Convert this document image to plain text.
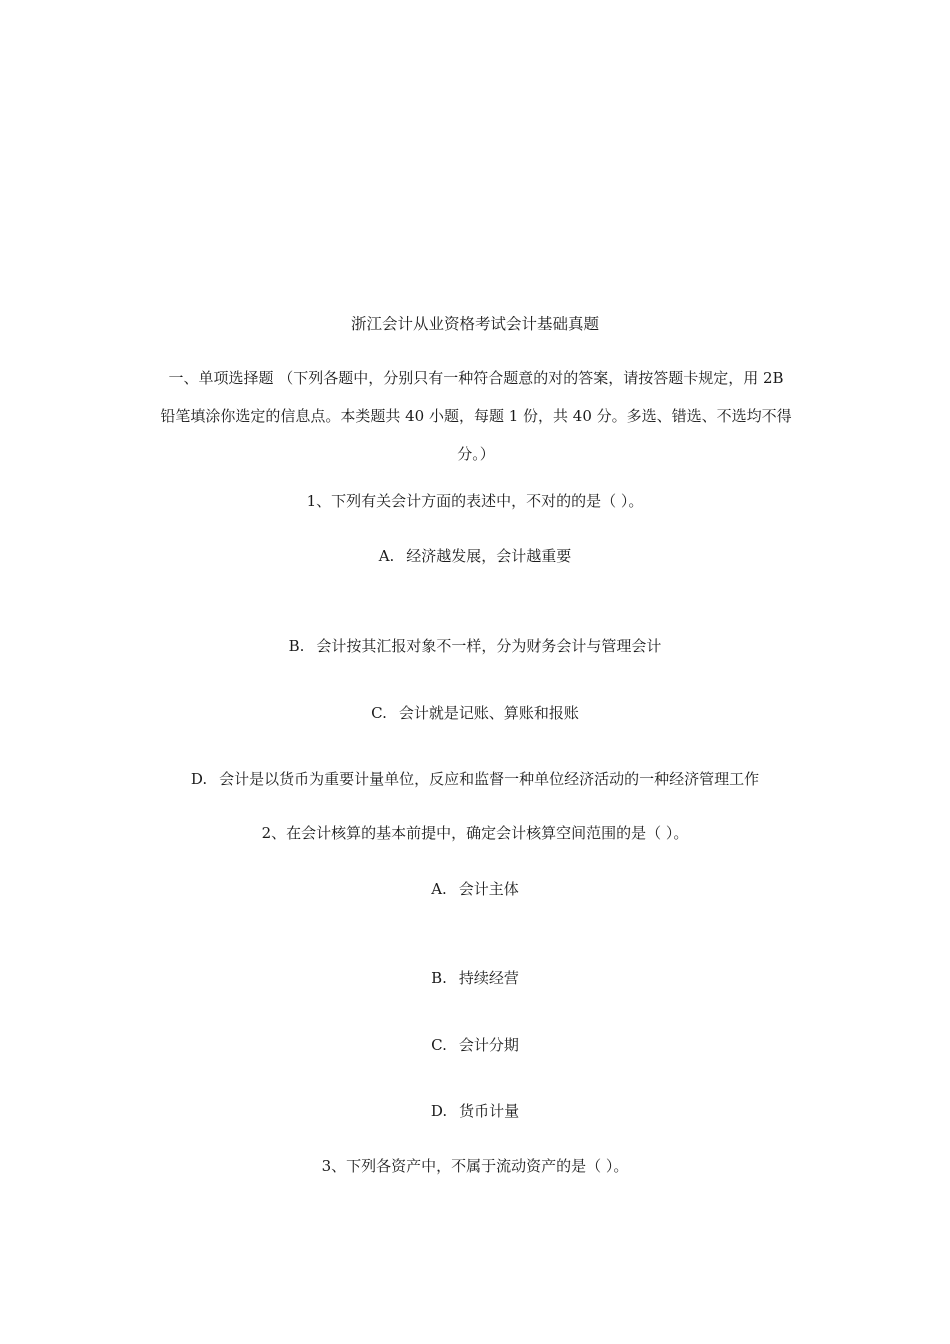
浙江会计从业资格考试会计基础真题
一、单项选择题 （下列各题中，分别只有一种符合题意的对的答案，请按答题卡规定，用 2B
铅笔填涂你选定的信息点。本类题共 40 小题，每题 1 份，共 40 分。多选、错选、不选均不得
分。）
1、下列有关会计方面的表述中，不对的的是（ ）。
A. 经济越发展，会计越重要
B. 会计按其汇报对象不一样，分为财务会计与管理会计
C. 会计就是记账、算账和报账
D. 会计是以货币为重要计量单位，反应和监督一种单位经济活动的一种经济管理工作
2、在会计核算的基本前提中，确定会计核算空间范围的是（ ）。
A. 会计主体
B. 持续经营
C. 会计分期
D. 货币计量
3、下列各资产中，不属于流动资产的是（ ）。
